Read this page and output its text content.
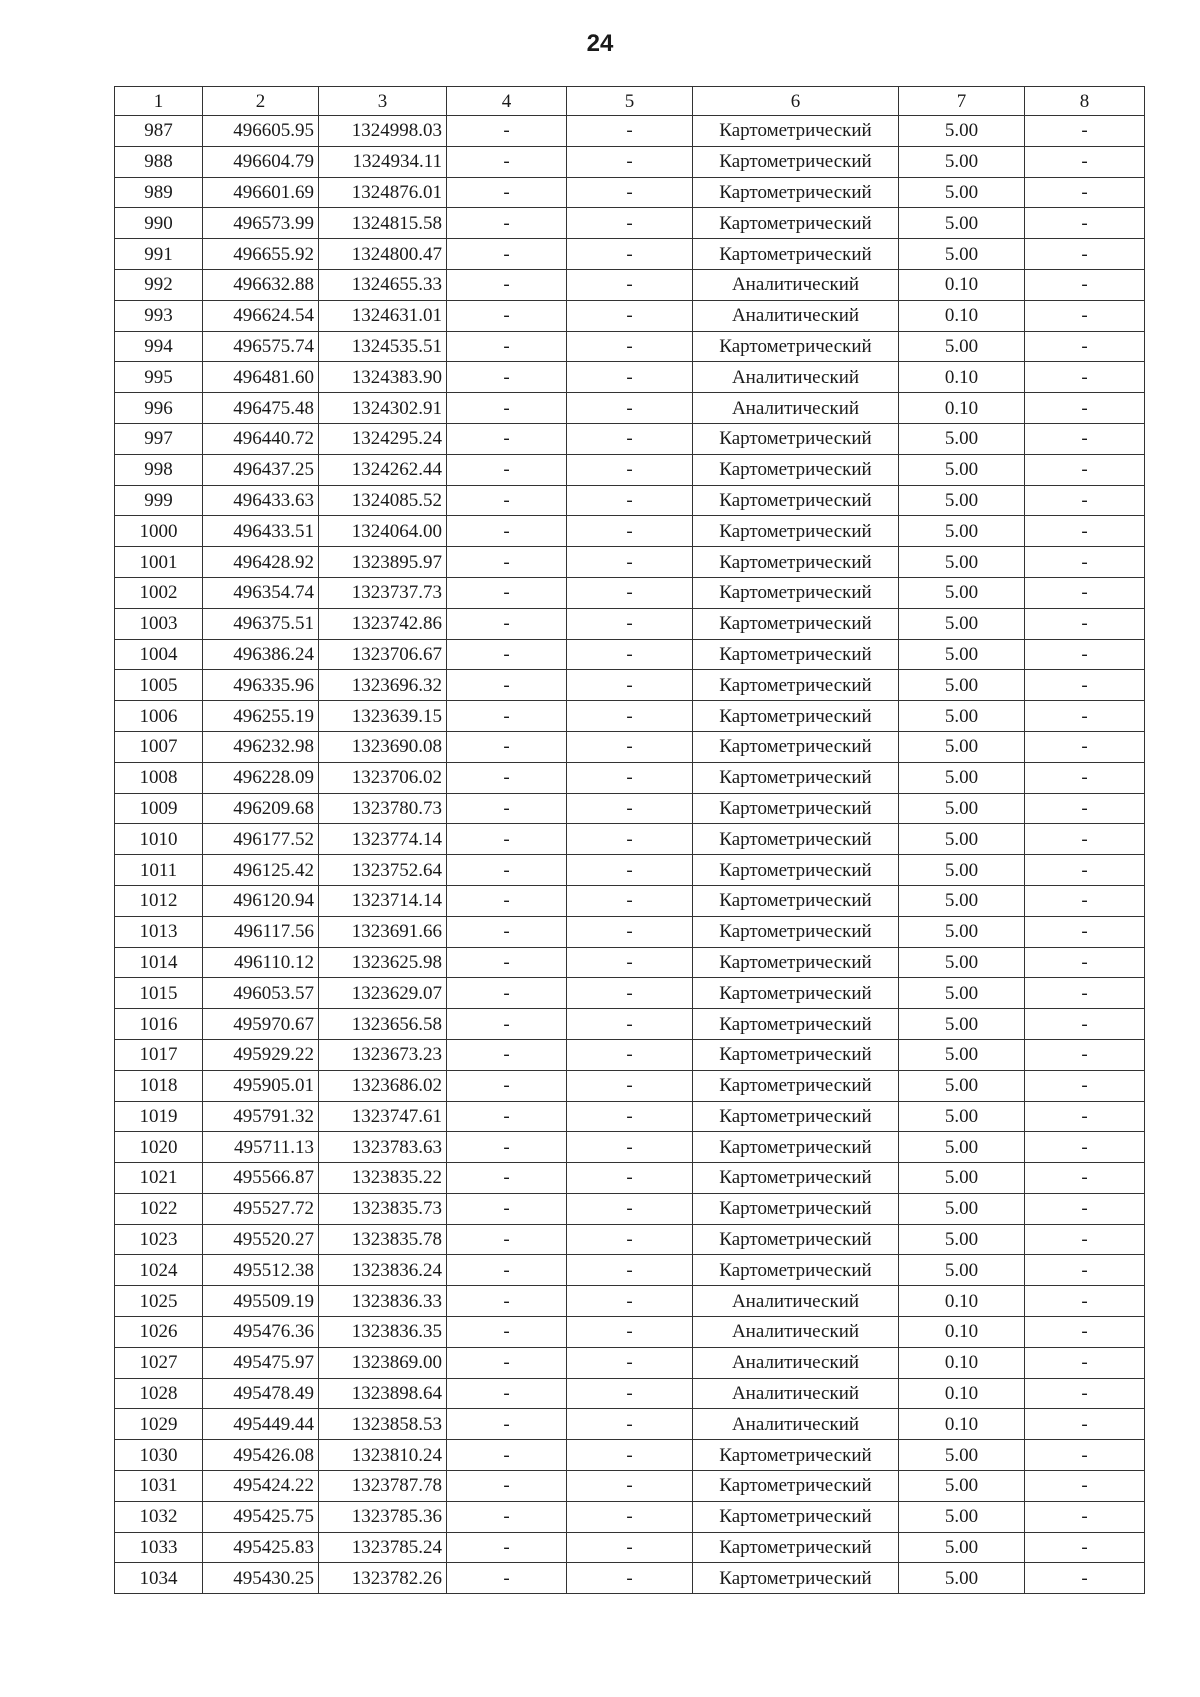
24
1	2	3	4	5	6	7	8
987	496605.95	1324998.03	-	-	Картометрический	5.00	-
988	496604.79	1324934.11	-	-	Картометрический	5.00	-
989	496601.69	1324876.01	-	-	Картометрический	5.00	-
990	496573.99	1324815.58	-	-	Картометрический	5.00	-
991	496655.92	1324800.47	-	-	Картометрический	5.00	-
992	496632.88	1324655.33	-	-	Аналитический	0.10	-
993	496624.54	1324631.01	-	-	Аналитический	0.10	-
994	496575.74	1324535.51	-	-	Картометрический	5.00	-
995	496481.60	1324383.90	-	-	Аналитический	0.10	-
996	496475.48	1324302.91	-	-	Аналитический	0.10	-
997	496440.72	1324295.24	-	-	Картометрический	5.00	-
998	496437.25	1324262.44	-	-	Картометрический	5.00	-
999	496433.63	1324085.52	-	-	Картометрический	5.00	-
1000	496433.51	1324064.00	-	-	Картометрический	5.00	-
1001	496428.92	1323895.97	-	-	Картометрический	5.00	-
1002	496354.74	1323737.73	-	-	Картометрический	5.00	-
1003	496375.51	1323742.86	-	-	Картометрический	5.00	-
1004	496386.24	1323706.67	-	-	Картометрический	5.00	-
1005	496335.96	1323696.32	-	-	Картометрический	5.00	-
1006	496255.19	1323639.15	-	-	Картометрический	5.00	-
1007	496232.98	1323690.08	-	-	Картометрический	5.00	-
1008	496228.09	1323706.02	-	-	Картометрический	5.00	-
1009	496209.68	1323780.73	-	-	Картометрический	5.00	-
1010	496177.52	1323774.14	-	-	Картометрический	5.00	-
1011	496125.42	1323752.64	-	-	Картометрический	5.00	-
1012	496120.94	1323714.14	-	-	Картометрический	5.00	-
1013	496117.56	1323691.66	-	-	Картометрический	5.00	-
1014	496110.12	1323625.98	-	-	Картометрический	5.00	-
1015	496053.57	1323629.07	-	-	Картометрический	5.00	-
1016	495970.67	1323656.58	-	-	Картометрический	5.00	-
1017	495929.22	1323673.23	-	-	Картометрический	5.00	-
1018	495905.01	1323686.02	-	-	Картометрический	5.00	-
1019	495791.32	1323747.61	-	-	Картометрический	5.00	-
1020	495711.13	1323783.63	-	-	Картометрический	5.00	-
1021	495566.87	1323835.22	-	-	Картометрический	5.00	-
1022	495527.72	1323835.73	-	-	Картометрический	5.00	-
1023	495520.27	1323835.78	-	-	Картометрический	5.00	-
1024	495512.38	1323836.24	-	-	Картометрический	5.00	-
1025	495509.19	1323836.33	-	-	Аналитический	0.10	-
1026	495476.36	1323836.35	-	-	Аналитический	0.10	-
1027	495475.97	1323869.00	-	-	Аналитический	0.10	-
1028	495478.49	1323898.64	-	-	Аналитический	0.10	-
1029	495449.44	1323858.53	-	-	Аналитический	0.10	-
1030	495426.08	1323810.24	-	-	Картометрический	5.00	-
1031	495424.22	1323787.78	-	-	Картометрический	5.00	-
1032	495425.75	1323785.36	-	-	Картометрический	5.00	-
1033	495425.83	1323785.24	-	-	Картометрический	5.00	-
1034	495430.25	1323782.26	-	-	Картометрический	5.00	-
